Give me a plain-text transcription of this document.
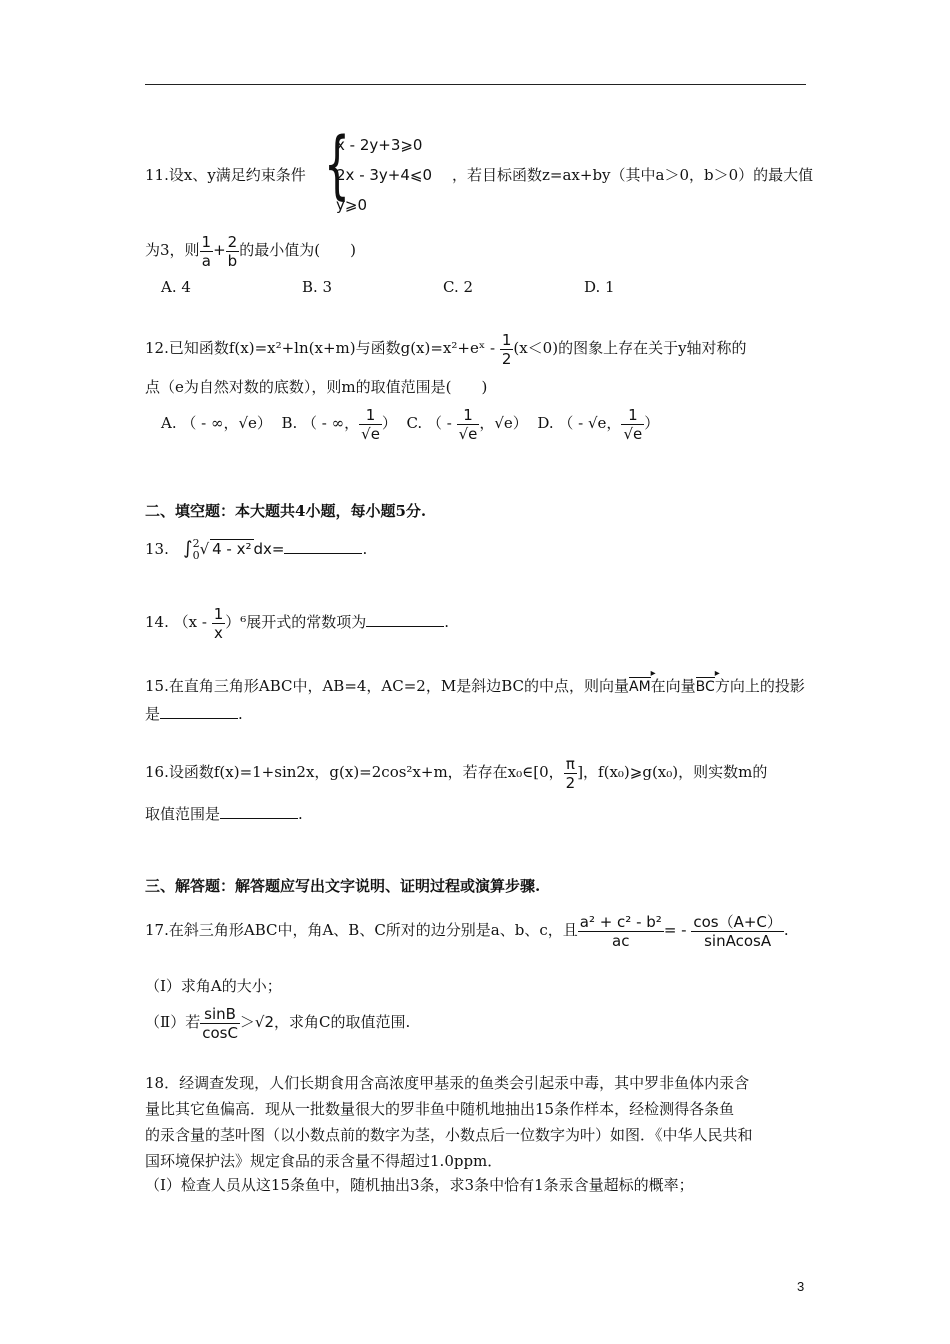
11.设x、y满足约束条件 {
x - 2y+3⩾0
2x - 3y+4⩽0
y⩾0
，若目标函数z=ax+by（其中a＞0，b＞0）的最大值
为3，则 $\frac{1}{a} + \frac{2}{b}$ 的最小值为(　　)
A. 4	B. 3	C. 2	D. 1
12.已知函数f(x)=x²+ln(x+m)与函数g(x)=x²+eˣ - $\frac{1}{2} (x<0)$的图象上存在关于y轴对称的
点（e为自然对数的底数），则m的取值范围是(　　)
A. （ - ∞，√e） B. （ - ∞， $\frac{1}{√e}$ ） C. （ - $\frac{1}{√e}$ ，√e） D. （ - √e， $\frac{1}{√e}$ ）
二、填空题：本大题共4小题，每小题5分.
13. ∫ 2
0 √ 4 - x² dx=	.
14. $(x - \frac{1}{x} )^6$展开式的常数项为	.
15.在直角三角形ABC中，AB=4，AC=2，M是斜边BC的中点，则向量AM ▸在向量BC ▸方向上的投影
是	.
16.设函数f(x)=1+sin2x，g(x)=2cos²x+m，若存在x₀∈[0， $\frac{\pi}{2}$ ]，f(x₀)⩾g(x₀)，则实数m的
取值范围是	.
三、解答题：解答题应写出文字说明、证明过程或演算步骤.
17.在斜三角形ABC中，角A、B、C所对的边分别是a、b、c，且 $\frac{\text{a² + c² - b²}}{ac}$ = - $\frac{\cos(A+C)}{\text{sinAcosA}}$ .
（Ⅰ）求角A的大小；
（Ⅱ）若 $\frac{\sin B}{\cos C} >√2$，求角C的取值范围.
18．经调查发现，人们长期食用含高浓度甲基汞的鱼类会引起汞中毒，其中罗非鱼体内汞含
量比其它鱼偏高．现从一批数量很大的罗非鱼中随机地抽出15条作样本，经检测得各条鱼
的汞含量的茎叶图（以小数点前的数字为茎，小数点后一位数字为叶）如图．《中华人民共和
国环境保护法》规定食品的汞含量不得超过1.0ppm．
（Ⅰ）检查人员从这15条鱼中，随机抽出3条，求3条中恰有1条汞含量超标的概率；
3
